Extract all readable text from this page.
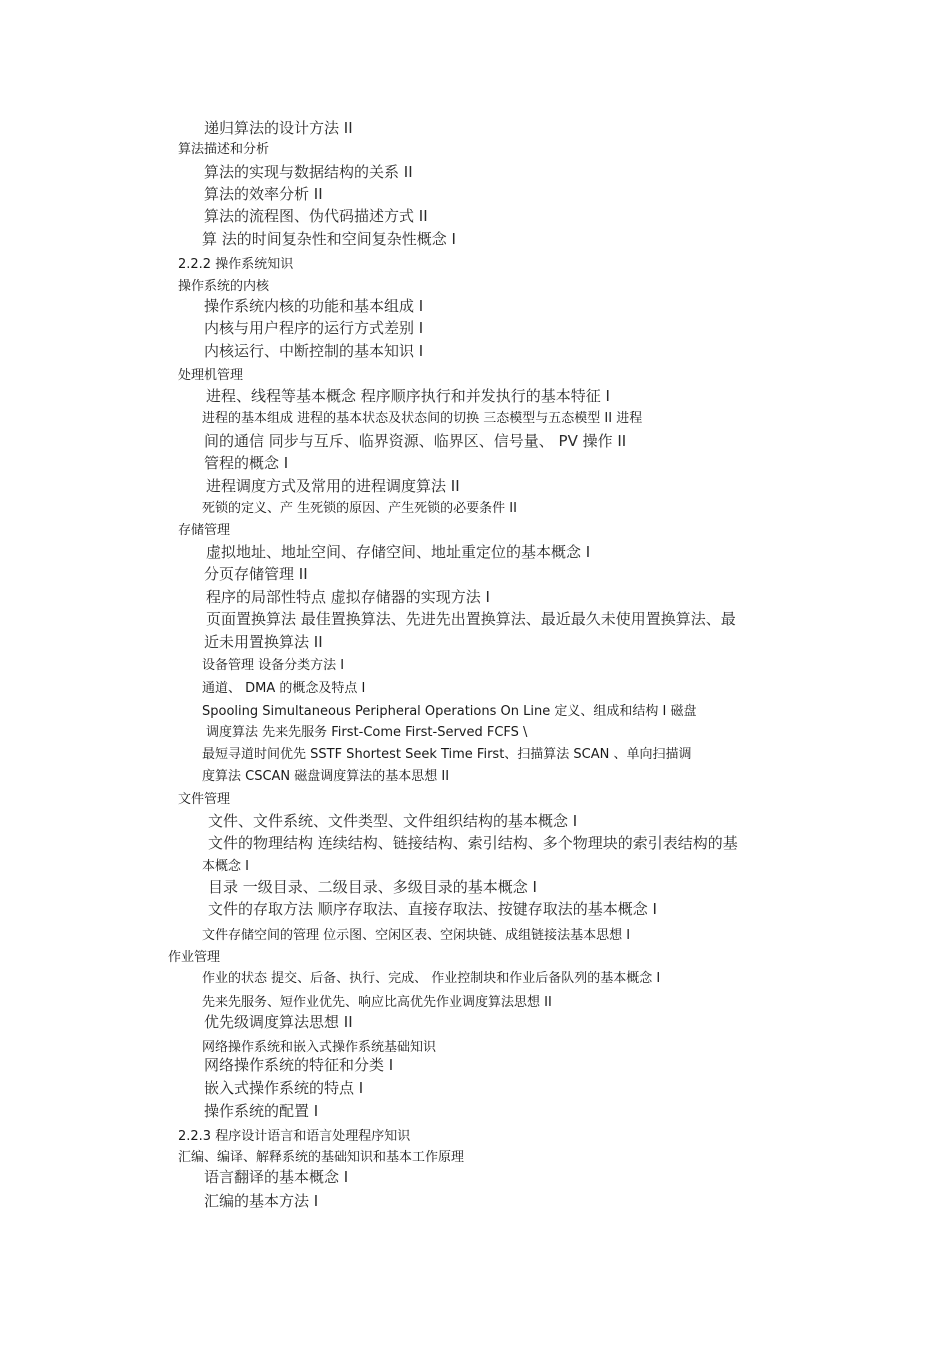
递归算法的设计方法 II
算法描述和分析
算法的实现与数据结构的关系 II
算法的效率分析 II
算法的流程图、伪代码描述方式 II
算 法的时间复杂性和空间复杂性概念 I
2.2.2 操作系统知识
操作系统的内核
操作系统内核的功能和基本组成 I
内核与用户程序的运行方式差别 I
内核运行、中断控制的基本知识 I
处理机管理
进程、线程等基本概念 程序顺序执行和并发执行的基本特征 I
进程的基本组成 进程的基本状态及状态间的切换 三态模型与五态模型 II 进程
间的通信 同步与互斥、临界资源、临界区、信号量、 PV 操作 II
管程的概念 I
进程调度方式及常用的进程调度算法 II
死锁的定义、产 生死锁的原因、产生死锁的必要条件 II
存储管理
虚拟地址、地址空间、存储空间、地址重定位的基本概念 I
分页存储管理 II
程序的局部性特点 虚拟存储器的实现方法 I
页面置换算法 最佳置换算法、先进先出置换算法、最近最久未使用置换算法、最
近未用置换算法 II
设备管理 设备分类方法 I
通道、 DMA 的概念及特点 I
Spooling Simultaneous Peripheral Operations On Line 定义、组成和结构 I 磁盘
调度算法 先来先服务 First-Come First-Served FCFS \
最短寻道时间优先 SSTF Shortest Seek Time First、扫描算法 SCAN 、单向扫描调
度算法 CSCAN 磁盘调度算法的基本思想 II
文件管理
文件、文件系统、文件类型、文件组织结构的基本概念 I
文件的物理结构 连续结构、链接结构、索引结构、多个物理块的索引表结构的基
本概念 I
目录 一级目录、二级目录、多级目录的基本概念 I
文件的存取方法 顺序存取法、直接存取法、按键存取法的基本概念 I
文件存储空间的管理 位示图、空闲区表、空闲块链、成组链接法基本思想 I
作业管理
作业的状态 提交、后备、执行、完成、 作业控制块和作业后备队列的基本概念 I
先来先服务、短作业优先、响应比高优先作业调度算法思想 II
优先级调度算法思想 II
网络操作系统和嵌入式操作系统基础知识
网络操作系统的特征和分类 I
嵌入式操作系统的特点 I
操作系统的配置 I
2.2.3 程序设计语言和语言处理程序知识
汇编、编译、解释系统的基础知识和基本工作原理
语言翻译的基本概念 I
汇编的基本方法 I
